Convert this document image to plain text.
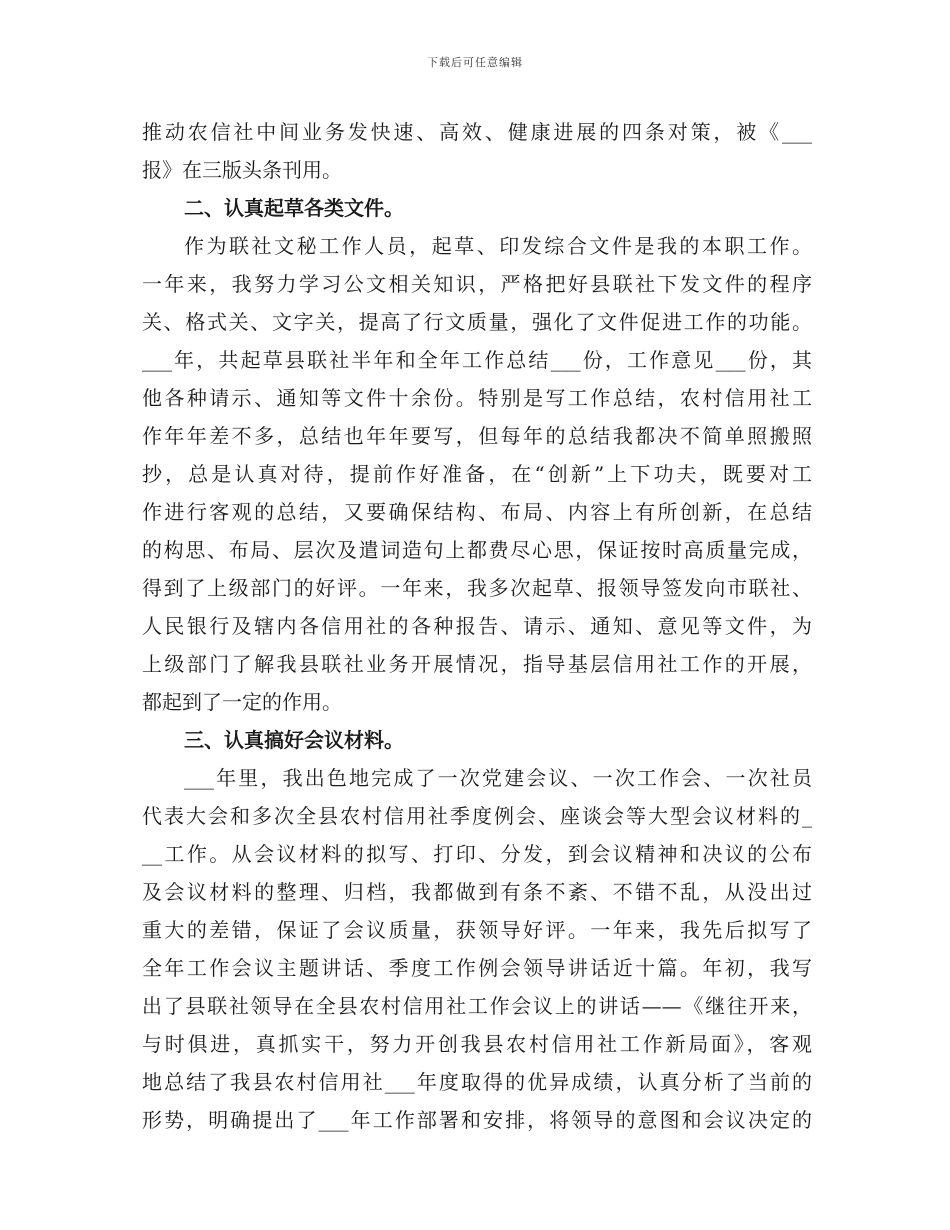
下载后可任意编辑
推动农信社中间业务发快速、高效、健康进展的四条对策，被《___
报》在三版头条刊用。
二、认真起草各类文件。
作为联社文秘工作人员，起草、印发综合文件是我的本职工作。
一年来，我努力学习公文相关知识，严格把好县联社下发文件的程序
关、格式关、文字关，提高了行文质量，强化了文件促进工作的功能。
___年，共起草县联社半年和全年工作总结___份，工作意见___份，其
他各种请示、通知等文件十余份。特别是写工作总结，农村信用社工
作年年差不多，总结也年年要写，但每年的总结我都决不简单照搬照
抄，总是认真对待，提前作好准备，在“创新”上下功夫，既要对工
作进行客观的总结，又要确保结构、布局、内容上有所创新，在总结
的构思、布局、层次及遣词造句上都费尽心思，保证按时高质量完成，
得到了上级部门的好评。一年来，我多次起草、报领导签发向市联社、
人民银行及辖内各信用社的各种报告、请示、通知、意见等文件，为
上级部门了解我县联社业务开展情况，指导基层信用社工作的开展，
都起到了一定的作用。
三、认真搞好会议材料。
___年里，我出色地完成了一次党建会议、一次工作会、一次社员
代表大会和多次全县农村信用社季度例会、座谈会等大型会议材料的_
__工作。从会议材料的拟写、打印、分发，到会议精神和决议的公布
及会议材料的整理、归档，我都做到有条不紊、不错不乱，从没出过
重大的差错，保证了会议质量，获领导好评。一年来，我先后拟写了
全年工作会议主题讲话、季度工作例会领导讲话近十篇。年初，我写
出了县联社领导在全县农村信用社工作会议上的讲话——《继往开来，
与时俱进，真抓实干，努力开创我县农村信用社工作新局面》，客观
地总结了我县农村信用社___年度取得的优异成绩，认真分析了当前的
形势，明确提出了___年工作部署和安排，将领导的意图和会议决定的
